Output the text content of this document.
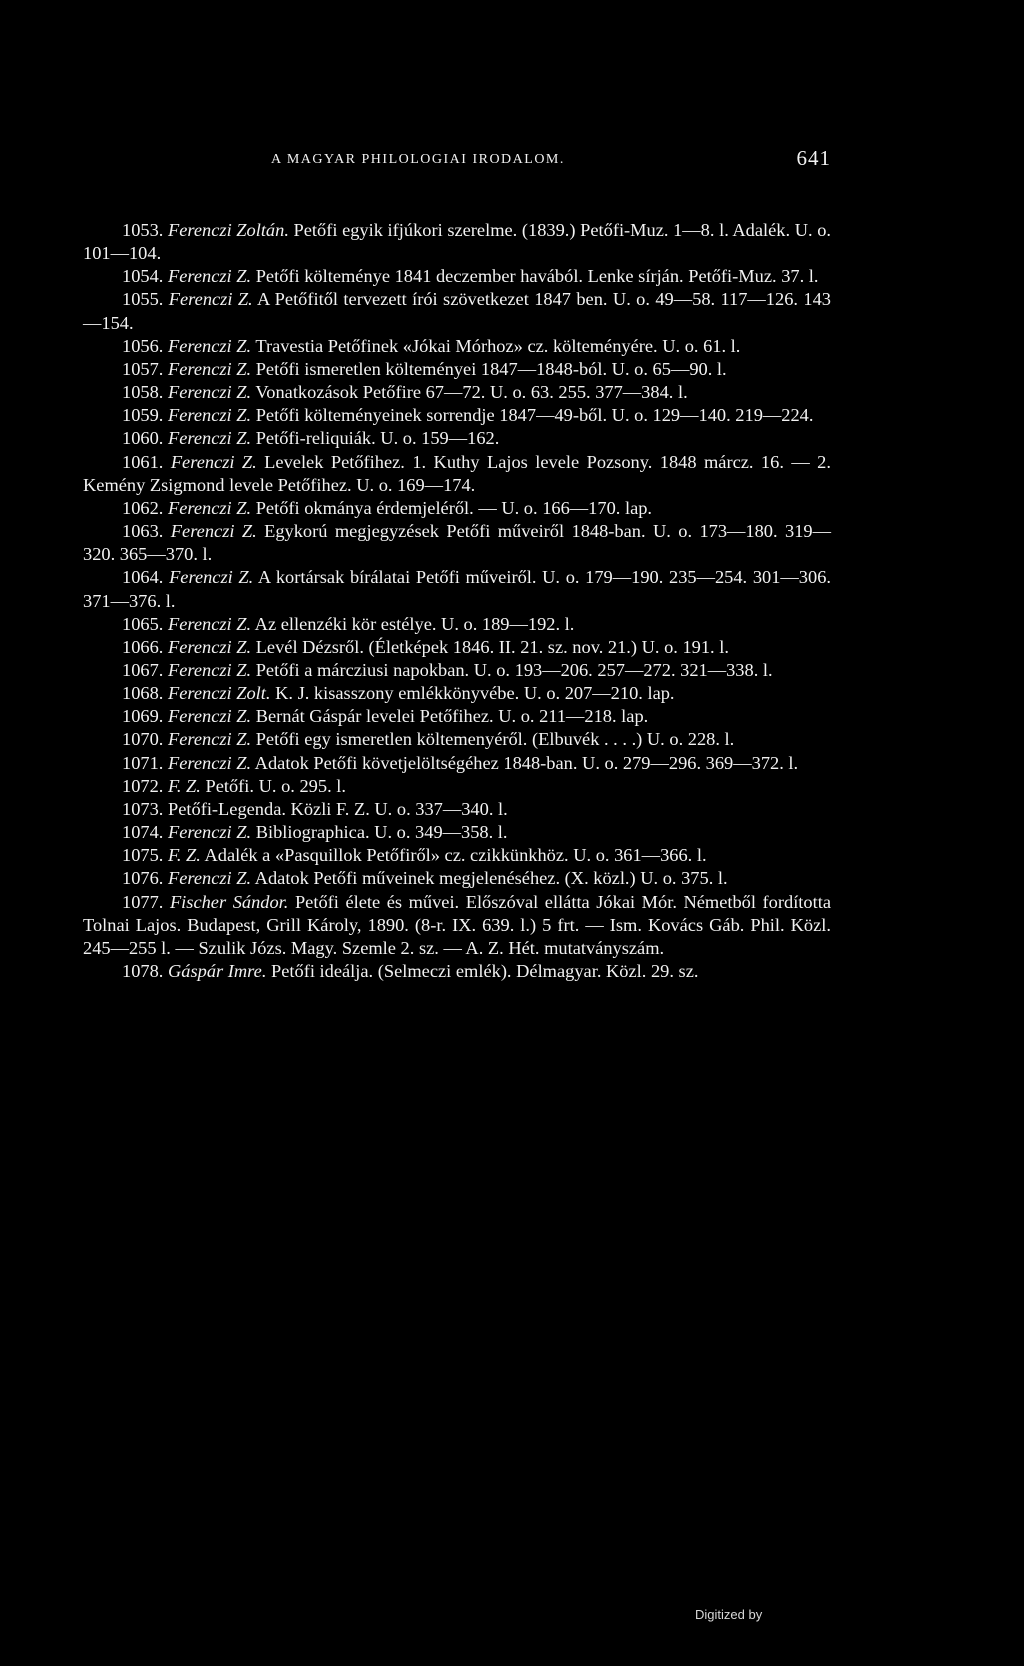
A MAGYAR PHILOLOGIAI IRODALOM.	641

1053. Ferenczi Zoltán. Petőfi egyik ifjúkori szerelme. (1839.) Petőfi-Muz. 1—8. l. Adalék. U. o. 101—104.

1054. Ferenczi Z. Petőfi költeménye 1841 deczember havából. Lenke sírján. Petőfi-Muz. 37. l.

1055. Ferenczi Z. A Petőfitől tervezett írói szövetkezet 1847 ben. U. o. 49—58. 117—126. 143—154.

1056. Ferenczi Z. Travestia Petőfinek «Jókai Mórhoz» cz. költeményére. U. o. 61. l.

1057. Ferenczi Z. Petőfi ismeretlen költeményei 1847—1848-ból. U. o. 65—90. l.

1058. Ferenczi Z. Vonatkozások Petőfire 67—72. U. o. 63. 255. 377—384. l.

1059. Ferenczi Z. Petőfi költeményeinek sorrendje 1847—49-ből. U. o. 129—140. 219—224.

1060. Ferenczi Z. Petőfi-reliquiák. U. o. 159—162.

1061. Ferenczi Z. Levelek Petőfihez. 1. Kuthy Lajos levele Pozsony. 1848 márcz. 16. — 2. Kemény Zsigmond levele Petőfihez. U. o. 169—174.

1062. Ferenczi Z. Petőfi okmánya érdemjeléről. — U. o. 166—170. lap.

1063. Ferenczi Z. Egykorú megjegyzések Petőfi műveiről 1848-ban. U. o. 173—180. 319—320. 365—370. l.

1064. Ferenczi Z. A kortársak bírálatai Petőfi műveiről. U. o. 179—190. 235—254. 301—306. 371—376. l.

1065. Ferenczi Z. Az ellenzéki kör estélye. U. o. 189—192. l.

1066. Ferenczi Z. Levél Dézsről. (Életképek 1846. II. 21. sz. nov. 21.) U. o. 191. l.

1067. Ferenczi Z. Petőfi a márcziusi napokban. U. o. 193—206. 257—272. 321—338. l.

1068. Ferenczi Zolt. K. J. kisasszony emlékkönyvébe. U. o. 207—210. lap.

1069. Ferenczi Z. Bernát Gáspár levelei Petőfihez. U. o. 211—218. lap.

1070. Ferenczi Z. Petőfi egy ismeretlen költemenyéről. (Elbuvék . . . .) U. o. 228. l.

1071. Ferenczi Z. Adatok Petőfi követjelöltségéhez 1848-ban. U. o. 279—296. 369—372. l.

1072. F. Z. Petőfi. U. o. 295. l.

1073. Petőfi-Legenda. Közli F. Z. U. o. 337—340. l.

1074. Ferenczi Z. Bibliographica. U. o. 349—358. l.

1075. F. Z. Adalék a «Pasquillok Petőfiről» cz. czikkünkhöz. U. o. 361—366. l.

1076. Ferenczi Z. Adatok Petőfi műveinek megjelenéséhez. (X. közl.) U. o. 375. l.

1077. Fischer Sándor. Petőfi élete és művei. Előszóval ellátta Jókai Mór. Németből fordította Tolnai Lajos. Budapest, Grill Károly, 1890. (8-r. IX. 639. l.) 5 frt. — Ism. Kovács Gáb. Phil. Közl. 245—255 l. — Szulik Józs. Magy. Szemle 2. sz. — A. Z. Hét. mutatványszám.

1078. Gáspár Imre. Petőfi ideálja. (Selmeczi emlék). Délmagyar. Közl. 29. sz.

Digitized by
